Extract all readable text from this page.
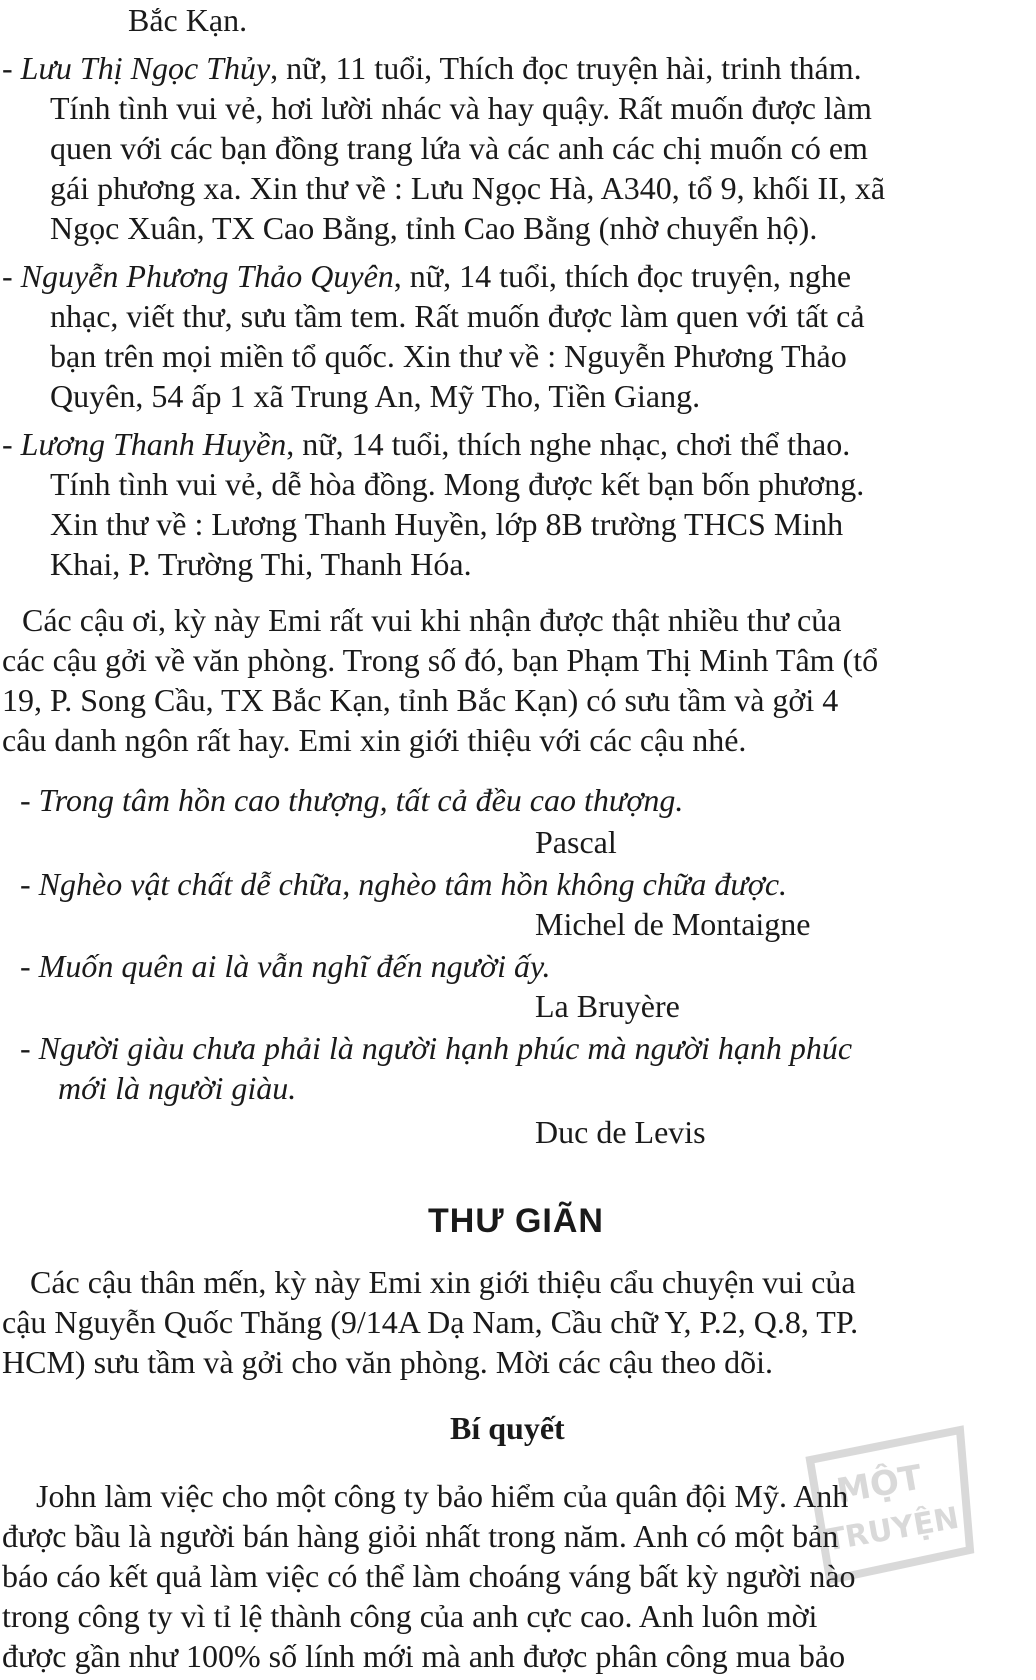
Bắc Kạn.
- Lưu Thị Ngọc Thủy, nữ, 11 tuổi, Thích đọc truyện hài, trinh thám.
Tính tình vui vẻ, hơi lười nhác và hay quậy. Rất muốn được làm
quen với các bạn đồng trang lứa và các anh các chị muốn có em
gái phương xa. Xin thư về : Lưu Ngọc Hà, A340, tổ 9, khối II, xã
Ngọc Xuân, TX Cao Bằng, tỉnh Cao Bằng (nhờ chuyển hộ).
- Nguyễn Phương Thảo Quyên, nữ, 14 tuổi, thích đọc truyện, nghe
nhạc, viết thư, sưu tầm tem. Rất muốn được làm quen với tất cả
bạn trên mọi miền tổ quốc. Xin thư về : Nguyễn Phương Thảo
Quyên, 54 ấp 1 xã Trung An, Mỹ Tho, Tiền Giang.
- Lương Thanh Huyền, nữ, 14 tuổi, thích nghe nhạc, chơi thể thao.
Tính tình vui vẻ, dễ hòa đồng. Mong được kết bạn bốn phương.
Xin thư về : Lương Thanh Huyền, lớp 8B trường THCS Minh
Khai, P. Trường Thi, Thanh Hóa.
Các cậu ơi, kỳ này Emi rất vui khi nhận được thật nhiều thư của
các cậu gởi về văn phòng. Trong số đó, bạn Phạm Thị Minh Tâm (tổ
19, P. Song Cầu, TX Bắc Kạn, tỉnh Bắc Kạn) có sưu tầm và gởi 4
câu danh ngôn rất hay. Emi xin giới thiệu với các cậu nhé.
- Trong tâm hồn cao thượng, tất cả đều cao thượng.
Pascal
- Nghèo vật chất dễ chữa, nghèo tâm hồn không chữa được.
Michel de Montaigne
- Muốn quên ai là vẫn nghĩ đến người ấy.
La Bruyère
- Người giàu chưa phải là người hạnh phúc mà người hạnh phúc
mới là người giàu.
Duc de Levis
THƯ GIÃN
Các cậu thân mến, kỳ này Emi xin giới thiệu cẩu chuyện vui của
cậu Nguyễn Quốc Thăng (9/14A Dạ Nam, Cầu chữ Y, P.2, Q.8, TP.
HCM) sưu tầm và gởi cho văn phòng. Mời các cậu theo dõi.
Bí quyết
John làm việc cho một công ty bảo hiểm của quân đội Mỹ. Anh
được bầu là người bán hàng giỏi nhất trong năm. Anh có một bản
báo cáo kết quả làm việc có thể làm choáng váng bất kỳ người nào
trong công ty vì tỉ lệ thành công của anh cực cao. Anh luôn mời
được gần như 100% số lính mới mà anh được phân công mua bảo
MỘT
TRUYỆN
